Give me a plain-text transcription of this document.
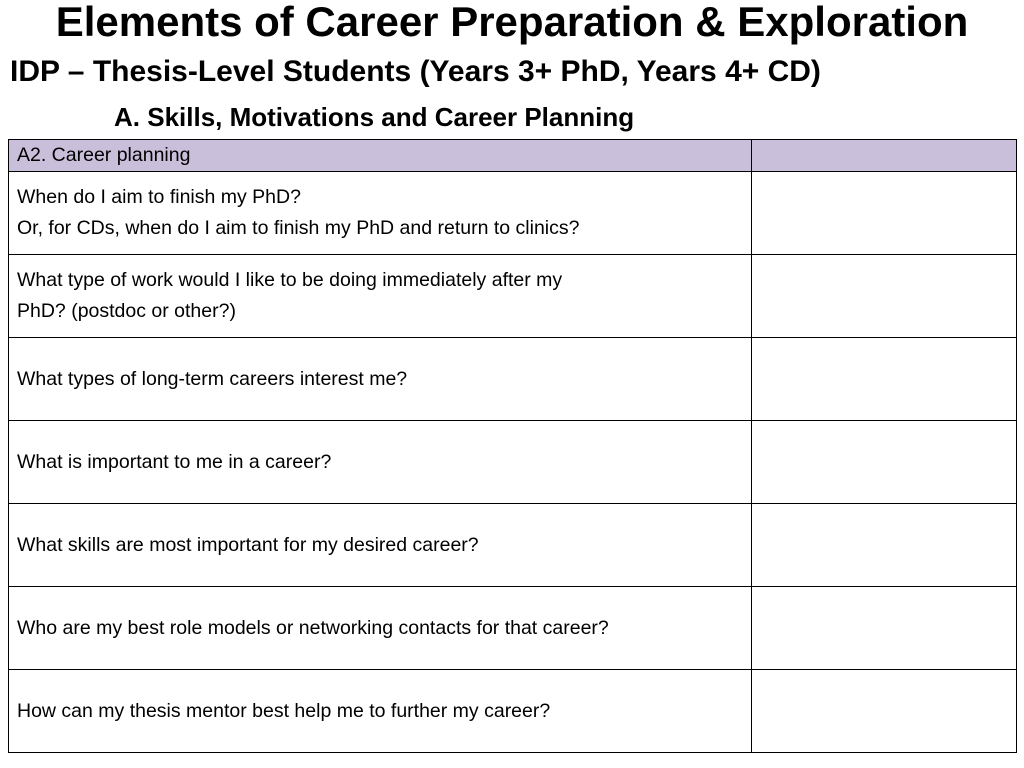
Elements of Career Preparation & Exploration
IDP – Thesis-Level Students (Years 3+ PhD, Years 4+ CD)
A. Skills, Motivations and Career Planning
A2. Career planning	
When do I aim to finish my PhD?
Or, for CDs, when do I aim to finish my PhD and return to clinics?	
What type of work would I like to be doing immediately after my
PhD? (postdoc or other?)	
What types of long-term careers interest me?	
What is important to me in a career?	
What skills are most important for my desired career?	
Who are my best role models or networking contacts for that career?	
How can my thesis mentor best help me to further my career?	
